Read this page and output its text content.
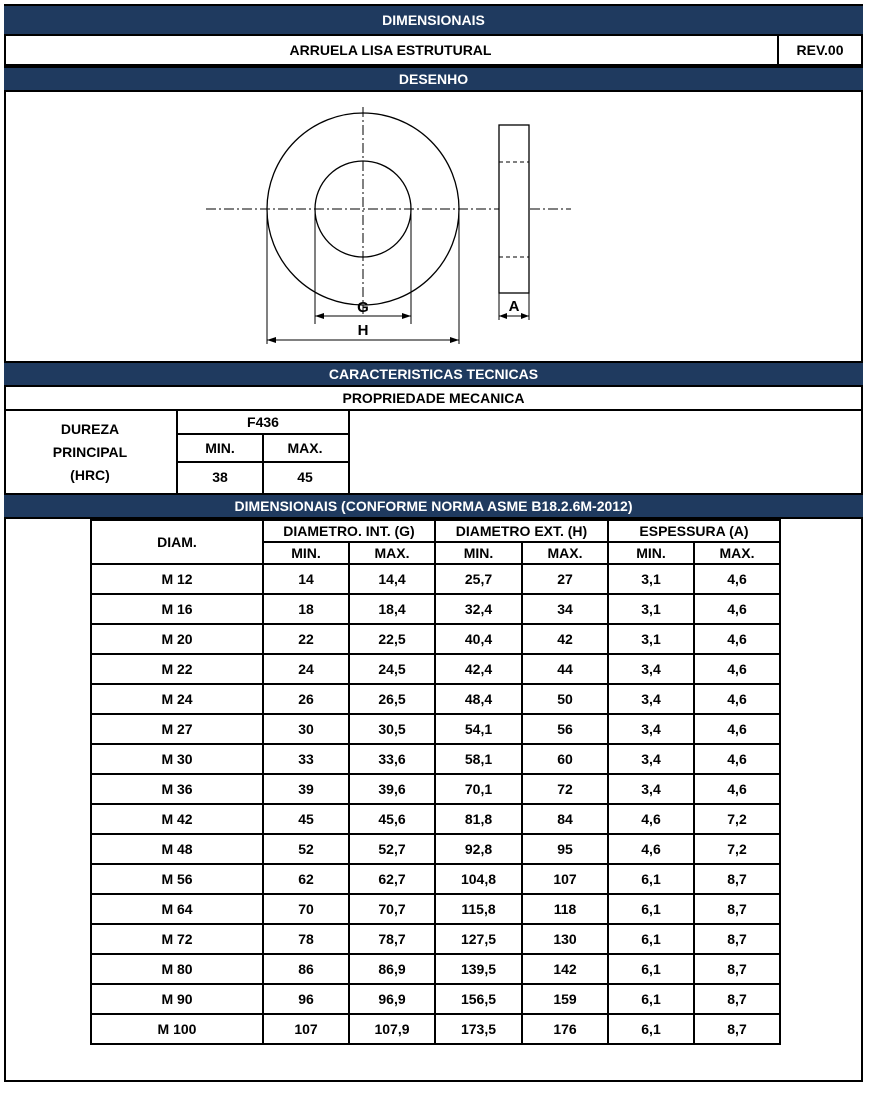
DIMENSIONAIS
ARRUELA LISA ESTRUTURAL	REV.00
DESENHO
G
H
A
CARACTERISTICAS TECNICAS
PROPRIEDADE MECANICA
DUREZA
PRINCIPAL
(HRC)
F436
MIN.	MAX.
38	45
DIMENSIONAIS (CONFORME NORMA ASME B18.2.6M-2012)
DIAM.	DIAMETRO. INT. (G)		DIAMETRO EXT. (H)		ESPESSURA (A)	
	MIN.	MAX.	MIN.	MAX.	MIN.	MAX.
M 12	14	14,4	25,7	27	3,1	4,6
M 16	18	18,4	32,4	34	3,1	4,6
M 20	22	22,5	40,4	42	3,1	4,6
M 22	24	24,5	42,4	44	3,4	4,6
M 24	26	26,5	48,4	50	3,4	4,6
M 27	30	30,5	54,1	56	3,4	4,6
M 30	33	33,6	58,1	60	3,4	4,6
M 36	39	39,6	70,1	72	3,4	4,6
M 42	45	45,6	81,8	84	4,6	7,2
M 48	52	52,7	92,8	95	4,6	7,2
M 56	62	62,7	104,8	107	6,1	8,7
M 64	70	70,7	115,8	118	6,1	8,7
M 72	78	78,7	127,5	130	6,1	8,7
M 80	86	86,9	139,5	142	6,1	8,7
M 90	96	96,9	156,5	159	6,1	8,7
M 100	107	107,9	173,5	176	6,1	8,7
